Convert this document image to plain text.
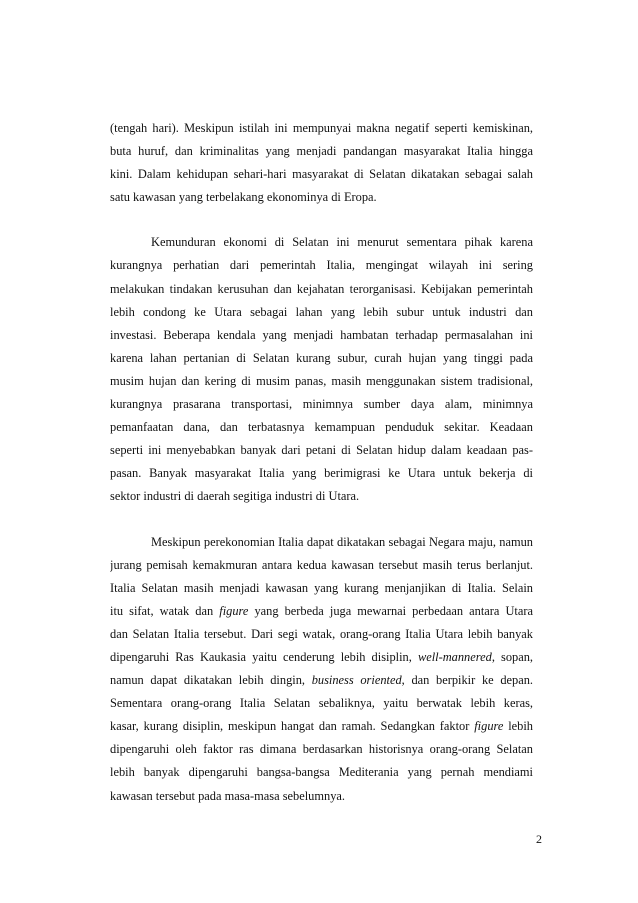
(tengah hari). Meskipun istilah ini mempunyai makna negatif seperti kemiskinan,
buta huruf, dan kriminalitas yang menjadi pandangan masyarakat Italia hingga
kini. Dalam kehidupan sehari-hari masyarakat di Selatan dikatakan sebagai salah
satu kawasan yang terbelakang ekonominya di Eropa.
Kemunduran ekonomi di Selatan ini menurut sementara pihak karena
kurangnya perhatian dari pemerintah Italia, mengingat wilayah ini sering
melakukan tindakan kerusuhan dan kejahatan terorganisasi. Kebijakan pemerintah
lebih condong ke Utara sebagai lahan yang lebih subur untuk industri dan
investasi. Beberapa kendala yang menjadi hambatan terhadap permasalahan ini
karena lahan pertanian di Selatan kurang subur, curah hujan yang tinggi pada
musim hujan dan kering di musim panas, masih menggunakan sistem tradisional,
kurangnya prasarana transportasi, minimnya sumber daya alam, minimnya
pemanfaatan dana, dan terbatasnya kemampuan penduduk sekitar. Keadaan
seperti ini menyebabkan banyak dari petani di Selatan hidup dalam keadaan pas-
pasan. Banyak masyarakat Italia yang berimigrasi ke Utara untuk bekerja di
sektor industri di daerah segitiga industri di Utara.
Meskipun perekonomian Italia dapat dikatakan sebagai Negara maju, namun
jurang pemisah kemakmuran antara kedua kawasan tersebut masih terus berlanjut.
Italia Selatan masih menjadi kawasan yang kurang menjanjikan di Italia. Selain
itu sifat, watak dan figure yang berbeda juga mewarnai perbedaan antara Utara
dan Selatan Italia tersebut. Dari segi watak, orang-orang Italia Utara lebih banyak
dipengaruhi Ras Kaukasia yaitu cenderung lebih disiplin, well-mannered, sopan,
namun dapat dikatakan lebih dingin, business oriented, dan berpikir ke depan.
Sementara orang-orang Italia Selatan sebaliknya, yaitu berwatak lebih keras,
kasar, kurang disiplin, meskipun hangat dan ramah. Sedangkan faktor figure lebih
dipengaruhi oleh faktor ras dimana berdasarkan historisnya orang-orang Selatan
lebih banyak dipengaruhi bangsa-bangsa Mediterania yang pernah mendiami
kawasan tersebut pada masa-masa sebelumnya.
2
